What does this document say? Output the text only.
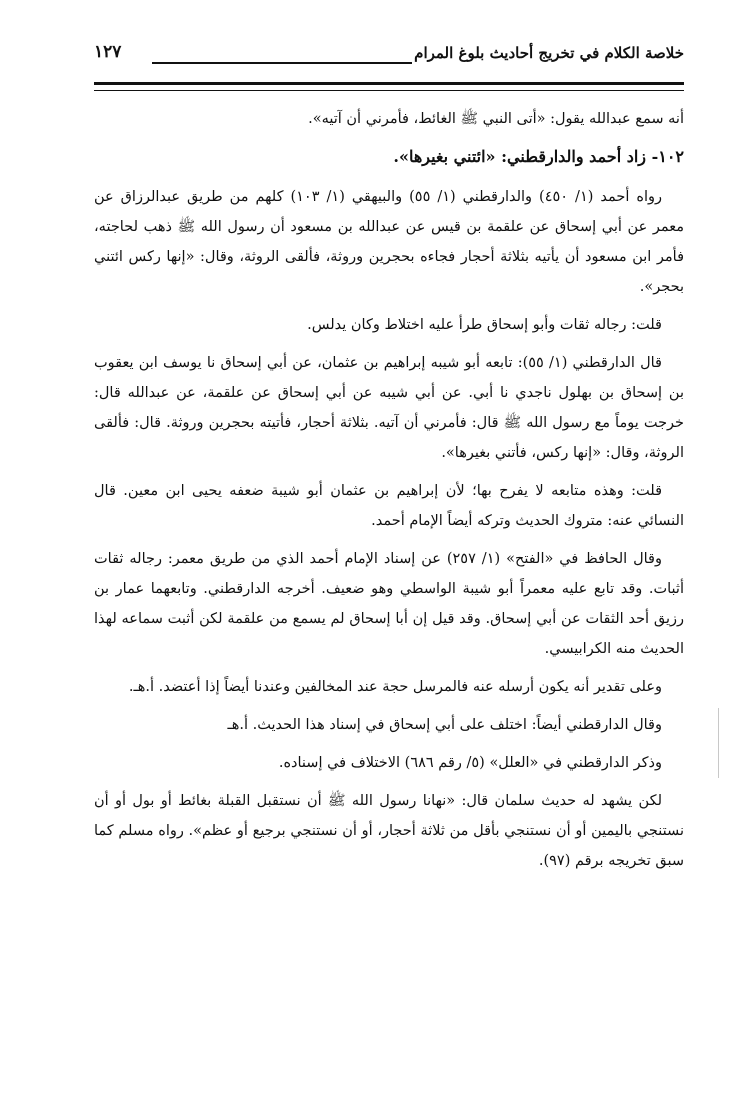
خلاصة الكلام في تخريج أحاديث بلوغ المرام
١٢٧

أنه سمع عبدالله يقول: «أتى النبي ﷺ الغائط، فأمرني أن آتيه».

١٠٢- زاد أحمد والدارقطني: «ائتني بغيرها».

رواه أحمد (١/ ٤٥٠) والدارقطني (١/ ٥٥) والبيهقي (١/ ١٠٣) كلهم من طريق عبدالرزاق عن معمر عن أبي إسحاق عن علقمة بن قيس عن عبدالله بن مسعود أن رسول الله ﷺ ذهب لحاجته، فأمر ابن مسعود أن يأتيه بثلاثة أحجار فجاءه بحجرين وروثة، فألقى الروثة، وقال: «إنها ركس ائتني بحجر».

قلت: رجاله ثقات وأبو إسحاق طرأ عليه اختلاط وكان يدلس.

قال الدارقطني (١/ ٥٥): تابعه أبو شيبه إبراهيم بن عثمان، عن أبي إسحاق نا يوسف ابن يعقوب بن إسحاق بن بهلول ناجدي نا أبي. عن أبي شيبه عن أبي إسحاق عن علقمة، عن عبدالله قال: خرجت يوماً مع رسول الله ﷺ قال: فأمرني أن آتيه. بثلاثة أحجار، فأتيته بحجرين وروثة. قال: فألقى الروثة، وقال: «إنها ركس، فأتني بغيرها».

قلت: وهذه متابعه لا يفرح بها؛ لأن إبراهيم بن عثمان أبو شيبة ضعفه يحيى ابن معين. قال النسائي عنه: متروك الحديث وتركه أيضاً الإمام أحمد.

وقال الحافظ في «الفتح» (١/ ٢٥٧) عن إسناد الإمام أحمد الذي من طريق معمر: رجاله ثقات أثبات. وقد تابع عليه معمراً أبو شيبة الواسطي وهو ضعيف. أخرجه الدارقطني. وتابعهما عمار بن رزيق أحد الثقات عن أبي إسحاق. وقد قيل إن أبا إسحاق لم يسمع من علقمة لكن أثبت سماعه لهذا الحديث منه الكرابيسي.

وعلى تقدير أنه يكون أرسله عنه فالمرسل حجة عند المخالفين وعندنا أيضاً إذا أعتضد. أ.هـ.

وقال الدارقطني أيضاً: اختلف على أبي إسحاق في إسناد هذا الحديث. أ.هـ

وذكر الدارقطني في «العلل» (٥/ رقم ٦٨٦) الاختلاف في إسناده.

لكن يشهد له حديث سلمان قال: «نهانا رسول الله ﷺ أن نستقبل القبلة بغائط أو بول أو أن نستنجي باليمين أو أن نستنجي بأقل من ثلاثة أحجار، أو أن نستنجي برجيع أو عظم». رواه مسلم كما سبق تخريجه برقم (٩٧).
